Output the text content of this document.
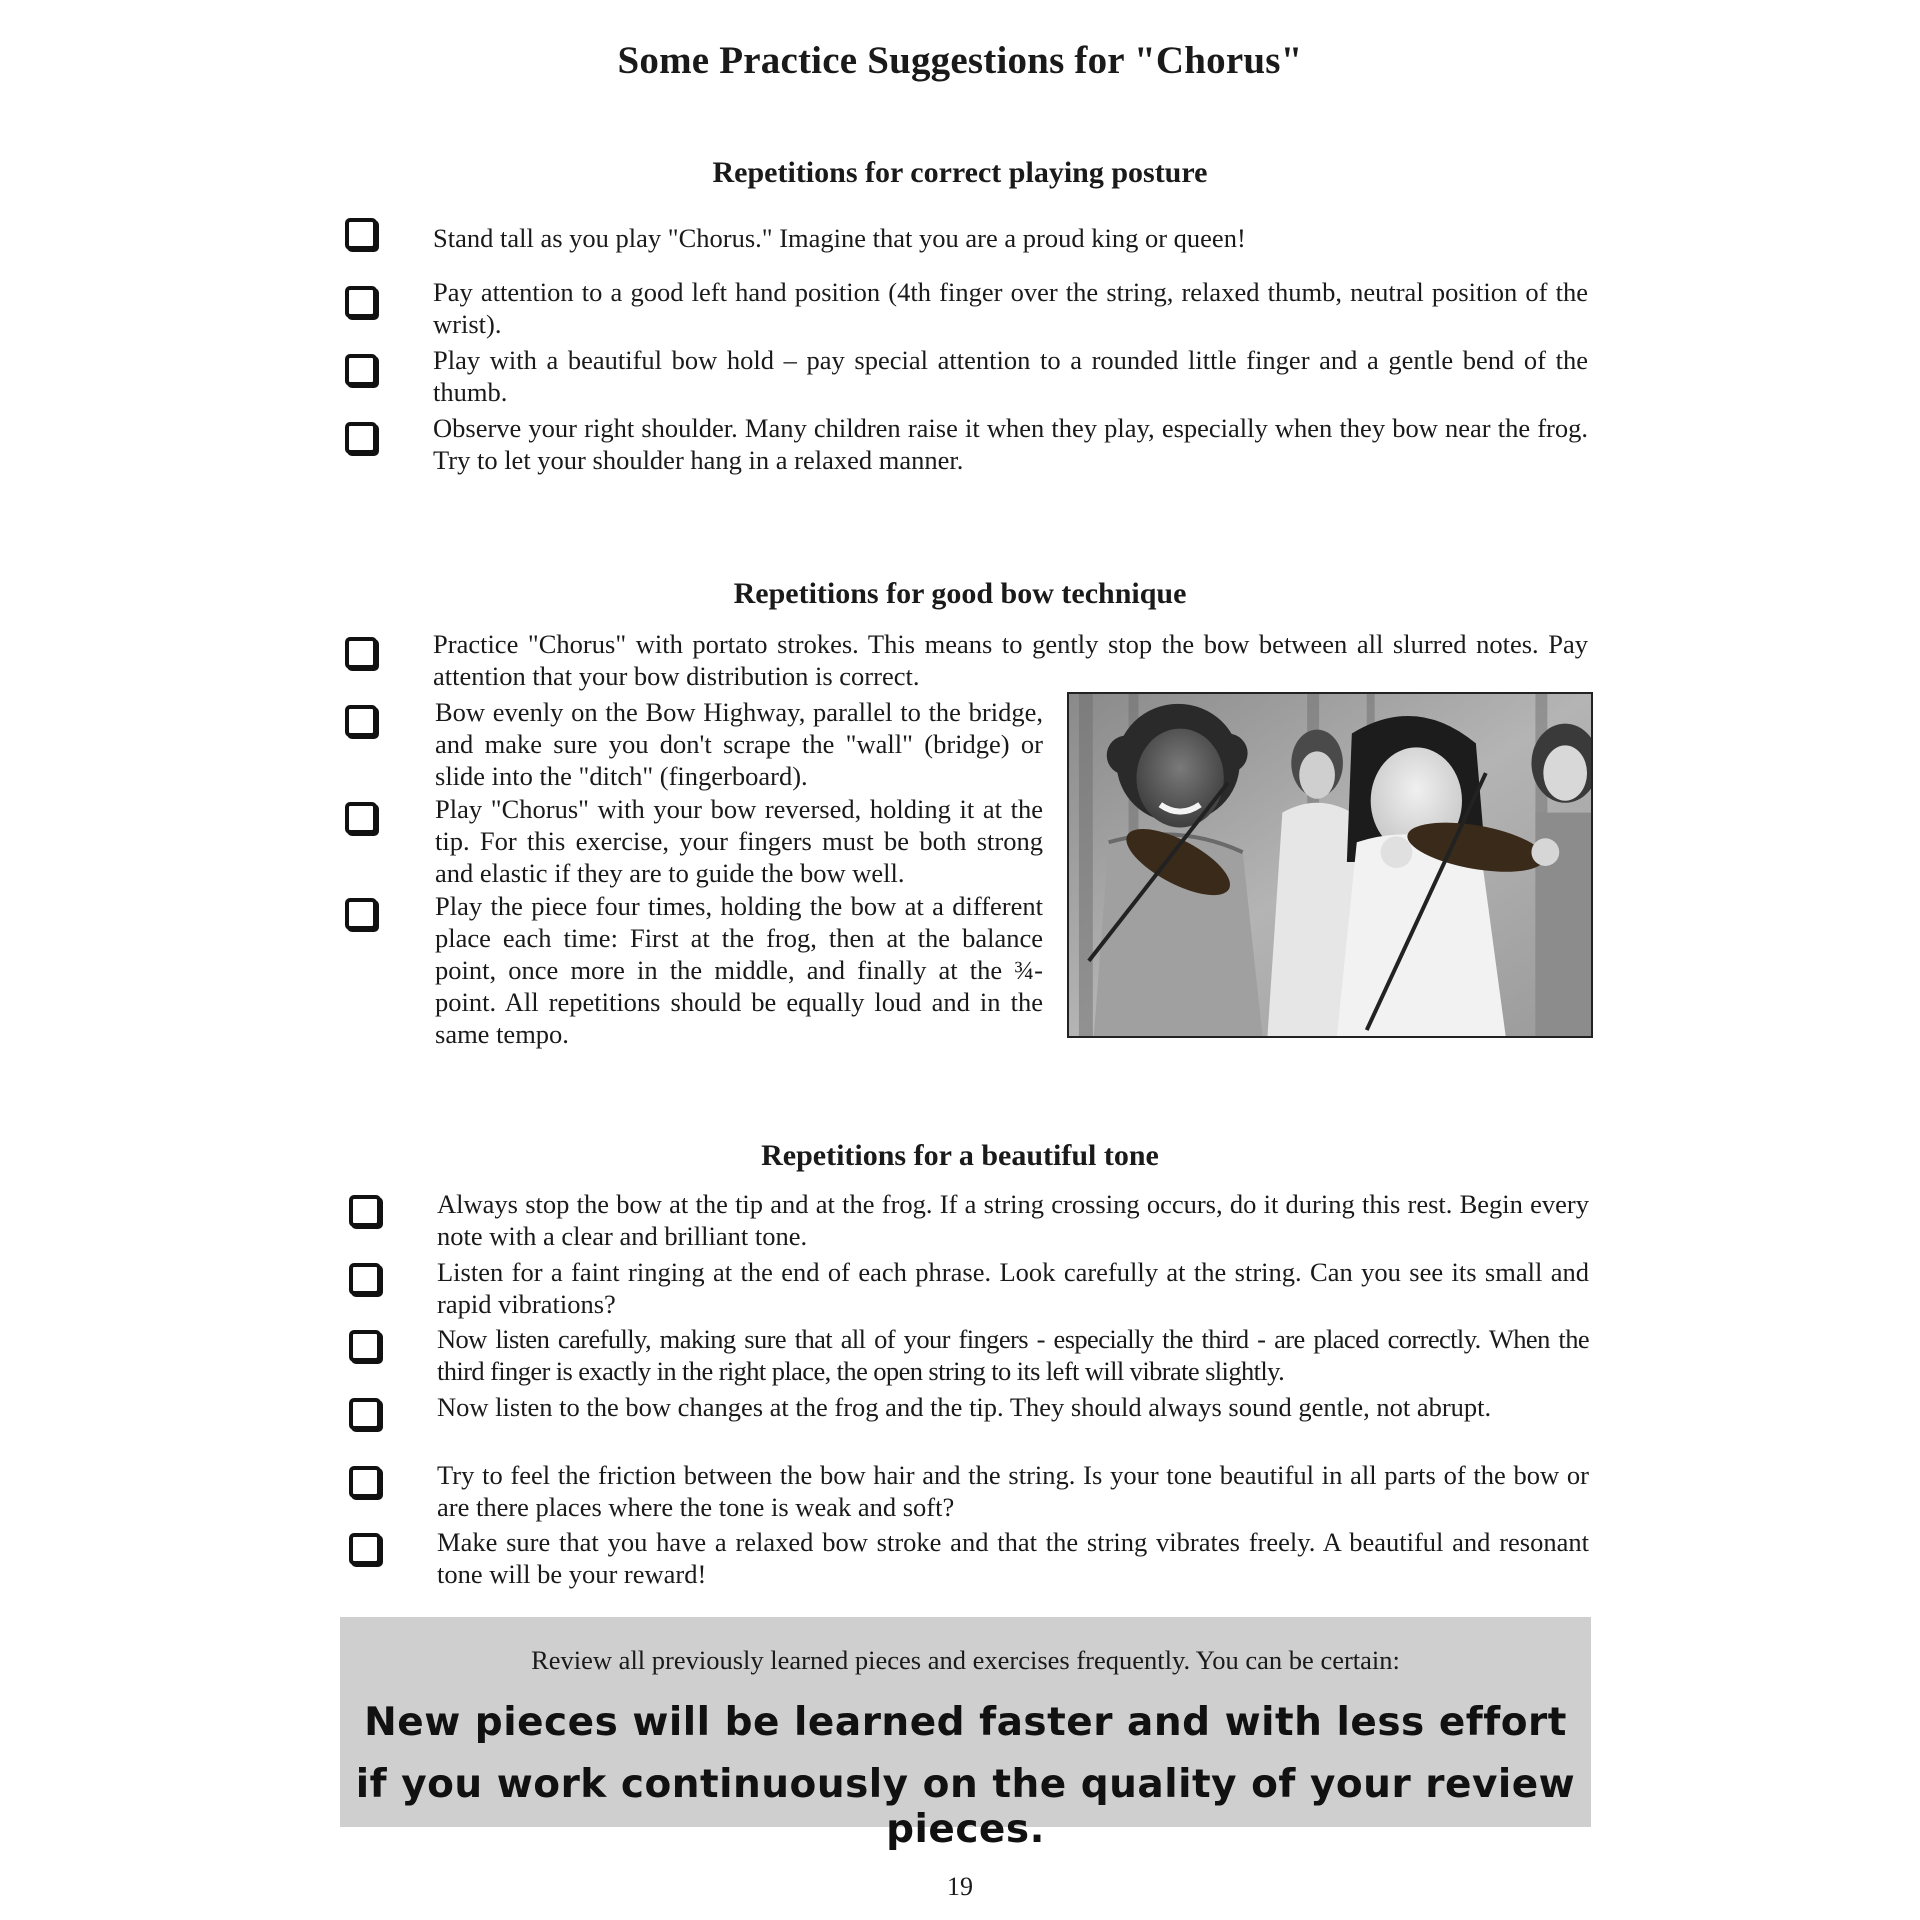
Some Practice Suggestions for "Chorus"
Repetitions for correct playing posture
Stand tall as you play "Chorus." Imagine that you are a proud king or queen!
Pay attention to a good left hand position (4th finger over the string, relaxed thumb, neutral position of the wrist).
Play with a beautiful bow hold – pay special attention to a rounded little finger and a gentle bend of the thumb.
Observe your right shoulder. Many children raise it when they play, especially when they bow near the frog. Try to let your shoulder hang in a relaxed manner.
Repetitions for good bow technique
Practice "Chorus" with portato strokes. This means to gently stop the bow between all slurred notes. Pay attention that your bow distribution is correct.
Bow evenly on the Bow Highway, parallel to the bridge, and make sure you don't scrape the "wall" (bridge) or slide into the "ditch" (fingerboard).
Play "Chorus" with your bow reversed, holding it at the tip. For this exercise, your fingers must be both strong and elastic if they are to guide the bow well.
Play the piece four times, holding the bow at a different place each time: First at the frog, then at the balance point, once more in the middle, and finally at the ¾-point. All repetitions should be equally loud and in the same tempo.
Repetitions for a beautiful tone
Always stop the bow at the tip and at the frog. If a string crossing occurs, do it during this rest. Begin every note with a clear and brilliant tone.
Listen for a faint ringing at the end of each phrase. Look carefully at the string. Can you see its small and rapid vibrations?
Now listen carefully, making sure that all of your fingers - especially the third - are placed correctly. When the third finger is exactly in the right place, the open string to its left will vibrate slightly.
Now listen to the bow changes at the frog and the tip. They should always sound gentle, not abrupt.
Try to feel the friction between the bow hair and the string. Is your tone beautiful in all parts of the bow or are there places where the tone is weak and soft?
Make sure that you have a relaxed bow stroke and that the string vibrates freely. A beautiful and resonant tone will be your reward!
Review all previously learned pieces and exercises frequently. You can be certain:
New pieces will be learned faster and with less effort
if you work continuously on the quality of your review pieces.
19
